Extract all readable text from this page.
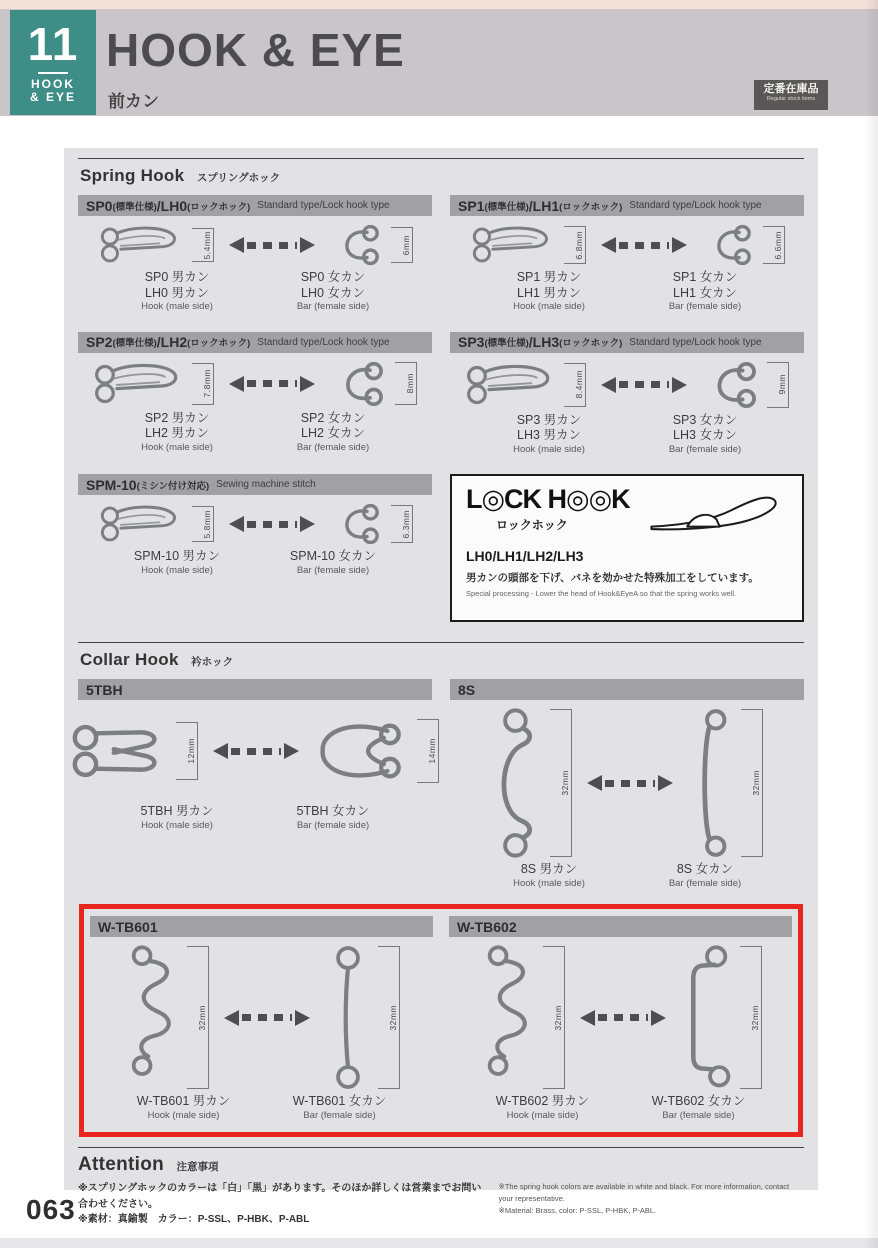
11
HOOK
& EYE
HOOK & EYE
前カン
定番在庫品
Regular stock items
Spring Hook スプリングホック
SP0 (標準仕様) /LH0 (ロックホック) Standard type/Lock hook type
5.4mm	6mm
SP0 男カン
LH0 男カン
Hook (male side)
SP0 女カン
LH0 女カン
Bar (female side)
SP1 (標準仕様) /LH1 (ロックホック) Standard type/Lock hook type
6.8mm	6.6mm
SP1 男カン
LH1 男カン
Hook (male side)
SP1 女カン
LH1 女カン
Bar (female side)
SP2 (標準仕様) /LH2 (ロックホック) Standard type/Lock hook type
7.8mm	8mm
SP2 男カン
LH2 男カン
Hook (male side)
SP2 女カン
LH2 女カン
Bar (female side)
SP3 (標準仕様) /LH3 (ロックホック) Standard type/Lock hook type
8.4mm	9mm
SP3 男カン
LH3 男カン
Hook (male side)
SP3 女カン
LH3 女カン
Bar (female side)
SPM-10 (ミシン付け対応) Sewing machine stitch
5.8mm	6.3mm
SPM-10 男カン
Hook (male side)
SPM-10 女カン
Bar (female side)
L◎CK H◎◎K
ロックホック
LH0/LH1/LH2/LH3
男カンの頭部を下げ、バネを効かせた特殊加工をしています。
Special processing - Lower the head of Hook&EyeA so that the spring works well.
Collar Hook 衿ホック
5TBH
12mm	14mm
5TBH 男カン
Hook (male side)
5TBH 女カン
Bar (female side)
8S
32mm	32mm
8S 男カン
Hook (male side)
8S 女カン
Bar (female side)
W-TB601
32mm	32mm
W-TB601 男カン
Hook (male side)
W-TB601 女カン
Bar (female side)
W-TB602
32mm	32mm
W-TB602 男カン
Hook (male side)
W-TB602 女カン
Bar (female side)
Attention 注意事項
※スプリングホックのカラーは「白」「黒」があります。そのほか詳しくは営業までお問い合わせください。
※素材：真鍮製　カラー：P-SSL、P-HBK、P-ABL
※The spring hook colors are available in white and black. For more information, contact your representative.
※Material: Brass, color: P-SSL, P-HBK, P-ABL.
063
